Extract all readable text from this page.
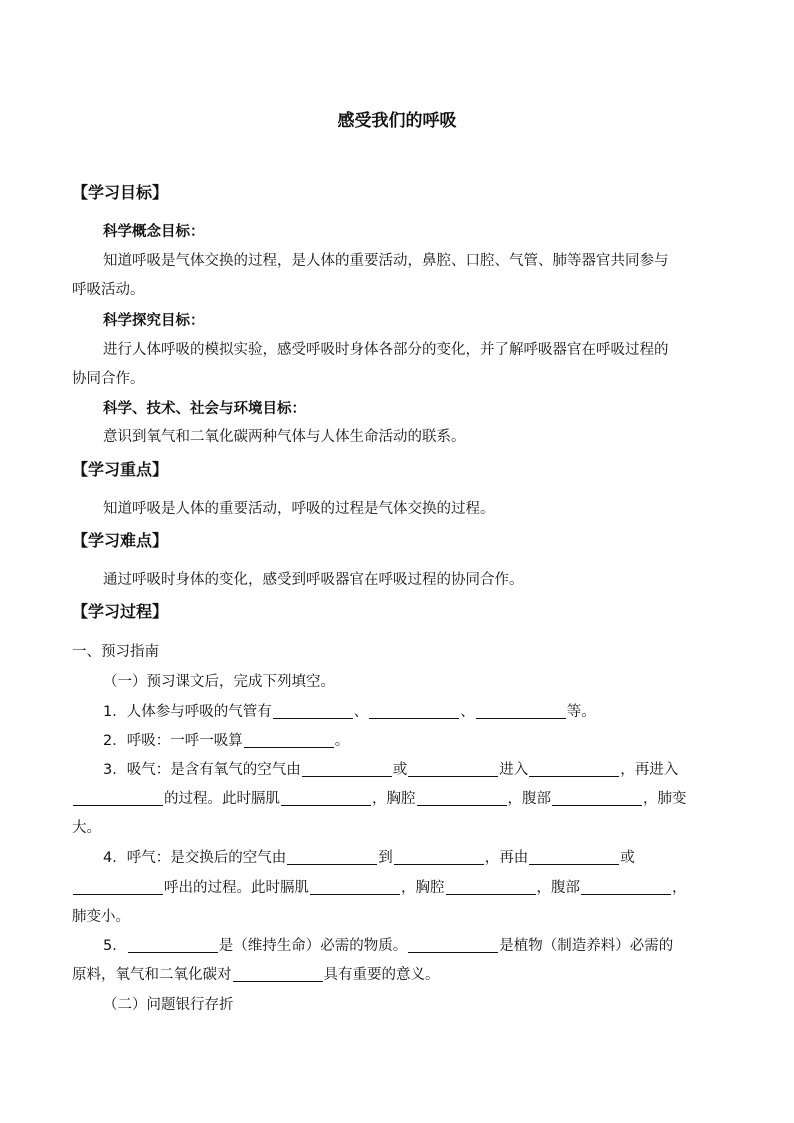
感受我们的呼吸
【学习目标】
科学概念目标：
知道呼吸是气体交换的过程，是人体的重要活动，鼻腔、口腔、气管、肺等器官共同参与
呼吸活动。
科学探究目标：
进行人体呼吸的模拟实验，感受呼吸时身体各部分的变化，并了解呼吸器官在呼吸过程的
协同合作。
科学、技术、社会与环境目标：
意识到氧气和二氧化碳两种气体与人体生命活动的联系。
【学习重点】
知道呼吸是人体的重要活动，呼吸的过程是气体交换的过程。
【学习难点】
通过呼吸时身体的变化，感受到呼吸器官在呼吸过程的协同合作。
【学习过程】
一、预习指南
（一）预习课文后，完成下列填空。
1．人体参与呼吸的气管有	、	、	等。
2．呼吸：一呼一吸算	。
3．吸气：是含有氧气的空气由	或	进入	，再进入
的过程。此时膈肌	，胸腔	，腹部	，肺变
大。
4．呼气：是交换后的空气由	到	，再由	或
呼出的过程。此时膈肌	，胸腔	，腹部	，
肺变小。
5．	是（维持生命）必需的物质。	是植物（制造养料）必需的
原料，氧气和二氧化碳对	具有重要的意义。
（二）问题银行存折
